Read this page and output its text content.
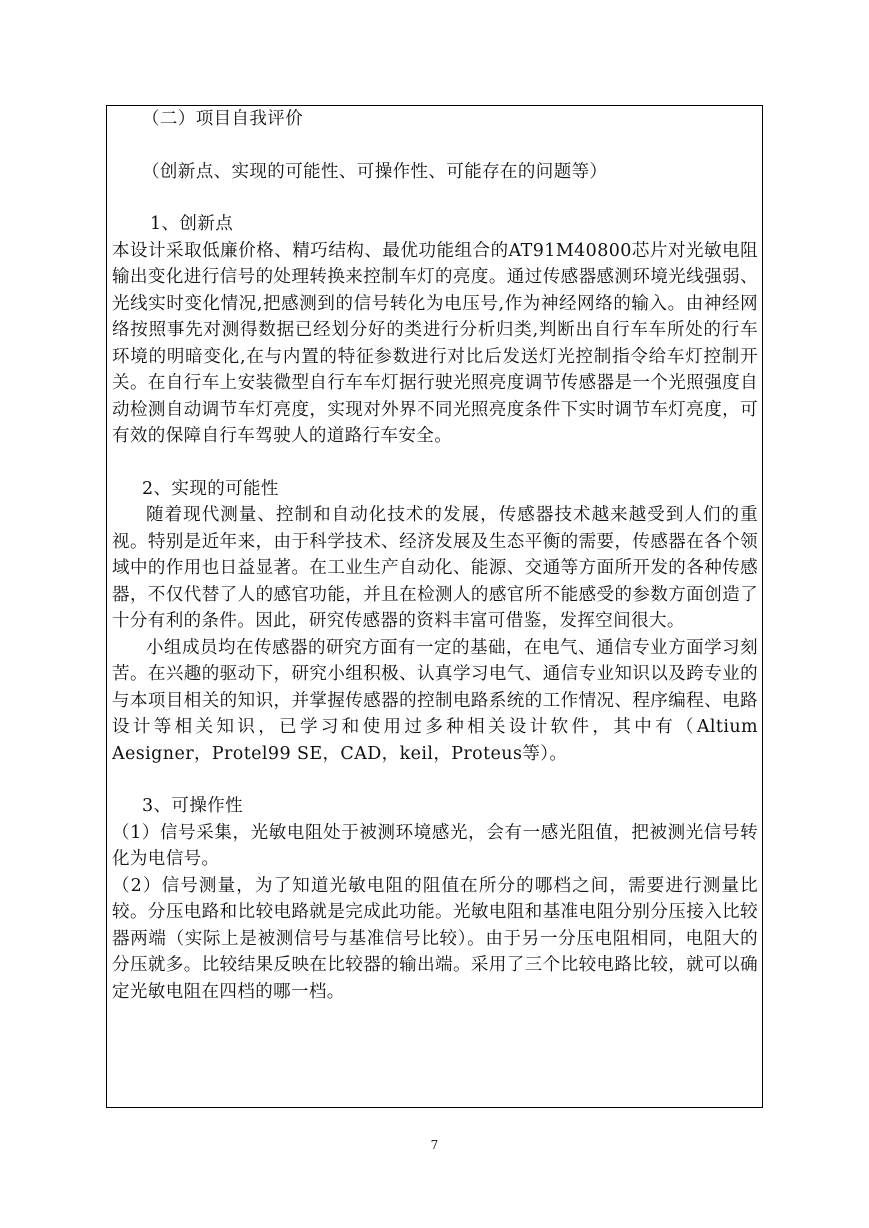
（二）项目自我评价

（创新点、实现的可能性、可操作性、可能存在的问题等）

1、创新点

本设计采取低廉价格、精巧结构、最优功能组合的AT91M40800芯片对光敏电阻输出变化进行信号的处理转换来控制车灯的亮度。通过传感器感测环境光线强弱、光线实时变化情况,把感测到的信号转化为电压号,作为神经网络的输入。由神经网络按照事先对测得数据已经划分好的类进行分析归类,判断出自行车车所处的行车环境的明暗变化,在与内置的特征参数进行对比后发送灯光控制指令给车灯控制开关。在自行车上安装微型自行车车灯据行驶光照亮度调节传感器是一个光照强度自动检测自动调节车灯亮度，实现对外界不同光照亮度条件下实时调节车灯亮度，可有效的保障自行车驾驶人的道路行车安全。

2、实现的可能性

随着现代测量、控制和自动化技术的发展，传感器技术越来越受到人们的重视。特别是近年来，由于科学技术、经济发展及生态平衡的需要，传感器在各个领域中的作用也日益显著。在工业生产自动化、能源、交通等方面所开发的各种传感器，不仅代替了人的感官功能，并且在检测人的感官所不能感受的参数方面创造了十分有利的条件。因此，研究传感器的资料丰富可借鉴，发挥空间很大。

小组成员均在传感器的研究方面有一定的基础，在电气、通信专业方面学习刻苦。在兴趣的驱动下，研究小组积极、认真学习电气、通信专业知识以及跨专业的与本项目相关的知识，并掌握传感器的控制电路系统的工作情况、程序编程、电路设计等相关知识，已学习和使用过多种相关设计软件，其中有（Altium Aesigner，Protel99 SE，CAD，keil，Proteus等）。

3、可操作性

（1）信号采集，光敏电阻处于被测环境感光，会有一感光阻值，把被测光信号转化为电信号。

（2）信号测量，为了知道光敏电阻的阻值在所分的哪档之间，需要进行测量比较。分压电路和比较电路就是完成此功能。光敏电阻和基准电阻分别分压接入比较器两端（实际上是被测信号与基准信号比较）。由于另一分压电阻相同，电阻大的分压就多。比较结果反映在比较器的输出端。采用了三个比较电路比较，就可以确定光敏电阻在四档的哪一档。

7
